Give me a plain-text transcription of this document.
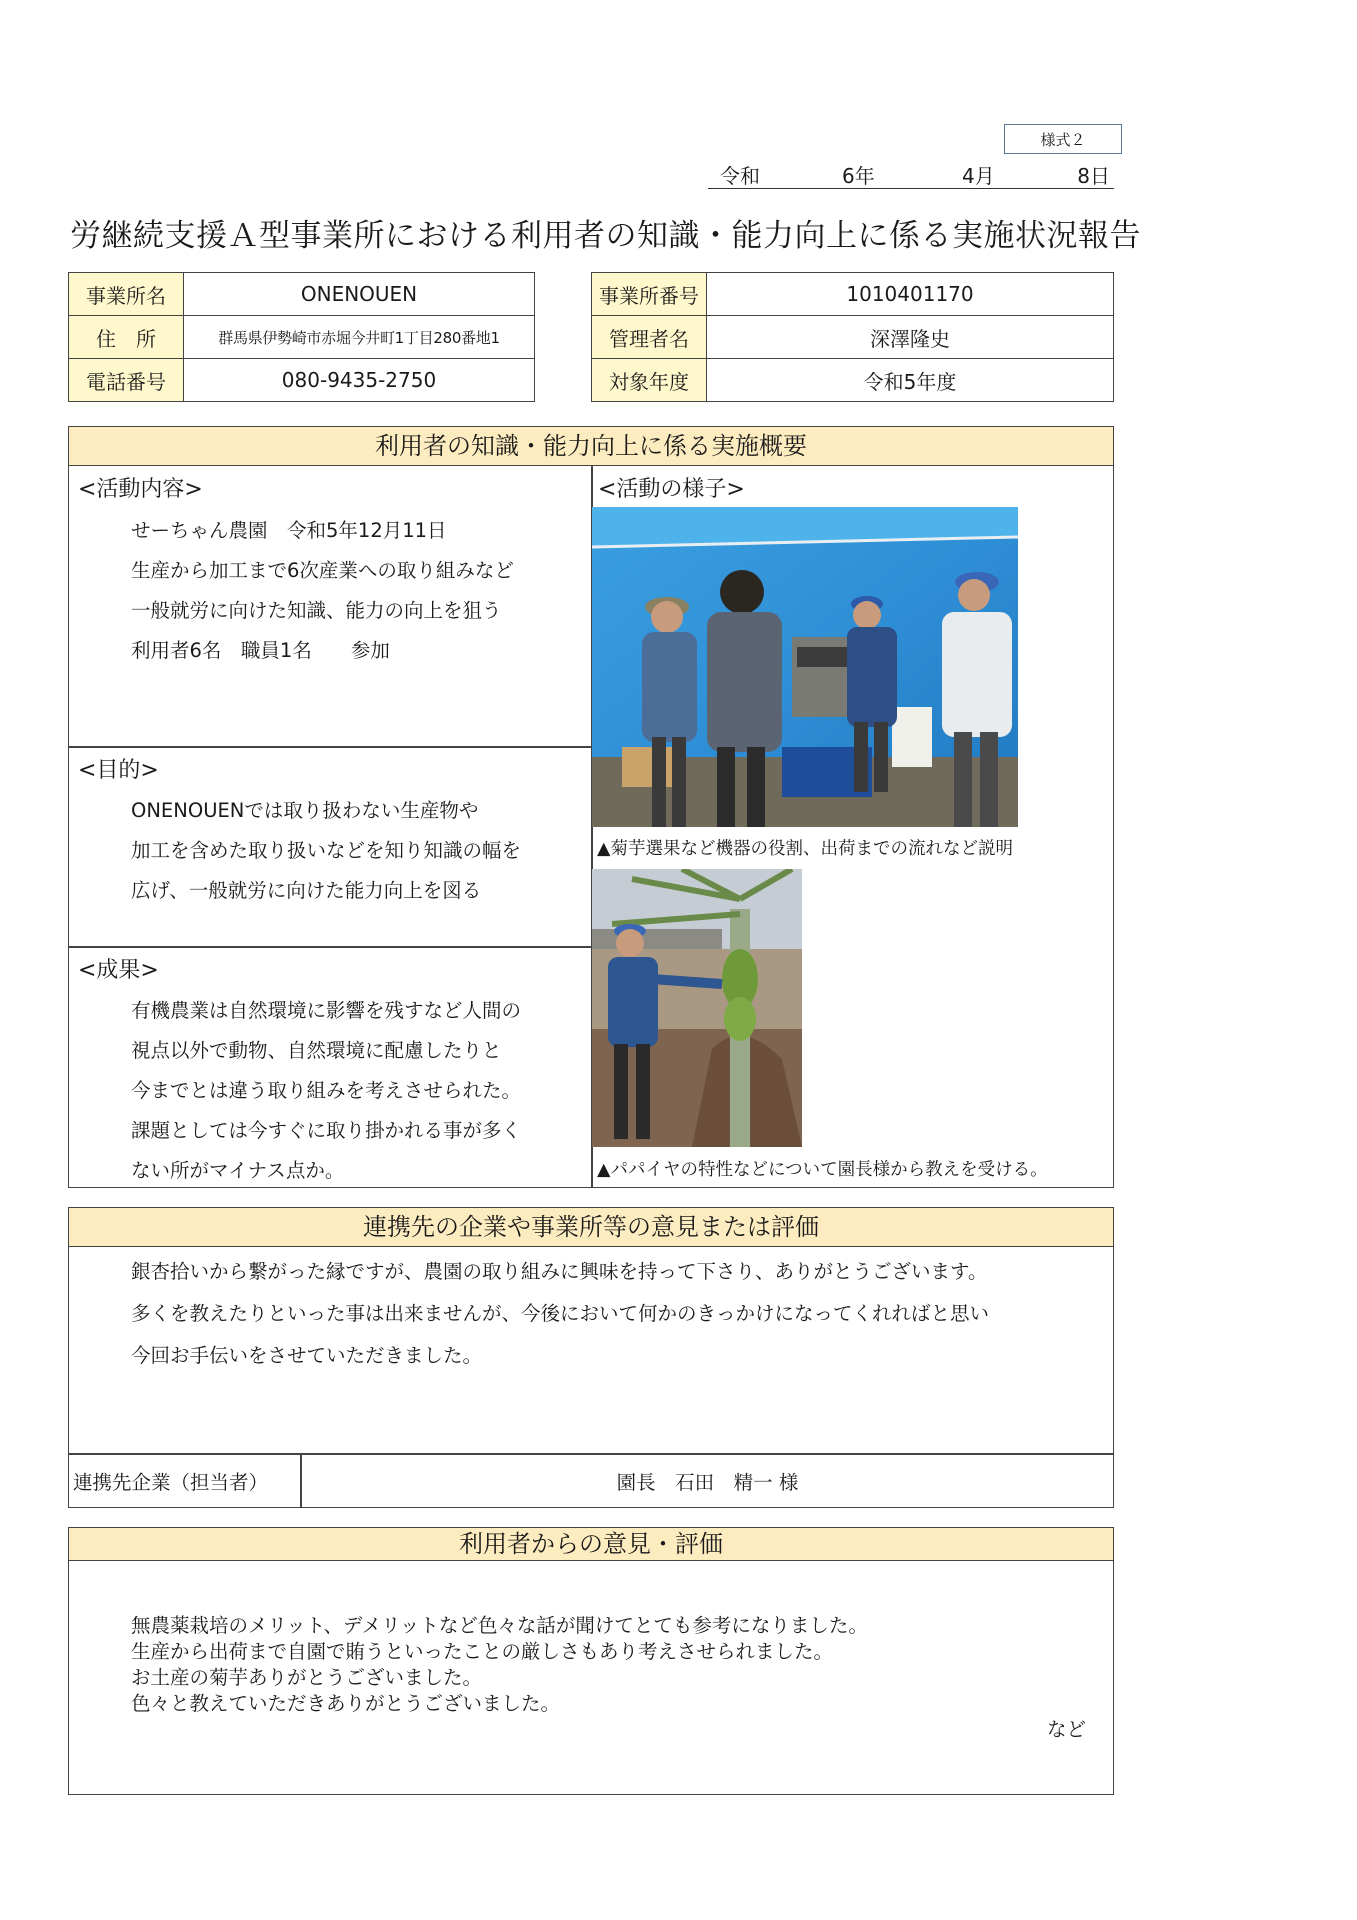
様式２
令和	6年	4月	8日
労継続支援Ａ型事業所における利用者の知識・能力向上に係る実施状況報告
事業所名	ONENOUEN
住　所	群馬県伊勢崎市赤堀今井町1丁目280番地1
電話番号	080-9435-2750
事業所番号	1010401170
管理者名	深澤隆史
対象年度	令和5年度
利用者の知識・能力向上に係る実施概要
<活動内容>
せーちゃん農園　令和5年12月11日
生産から加工まで6次産業への取り組みなど
一般就労に向けた知識、能力の向上を狙う
利用者6名　職員1名　　参加
<目的>
ONENOUENでは取り扱わない生産物や
加工を含めた取り扱いなどを知り知識の幅を
広げ、一般就労に向けた能力向上を図る
<成果>
有機農業は自然環境に影響を残すなど人間の
視点以外で動物、自然環境に配慮したりと
今までとは違う取り組みを考えさせられた。
課題としては今すぐに取り掛かれる事が多く
ない所がマイナス点か。
<活動の様子>
▲菊芋選果など機器の役割、出荷までの流れなど説明
▲パパイヤの特性などについて園長様から教えを受ける。
連携先の企業や事業所等の意見または評価
銀杏拾いから繋がった縁ですが、農園の取り組みに興味を持って下さり、ありがとうございます。
多くを教えたりといった事は出来ませんが、今後において何かのきっかけになってくれればと思い
今回お手伝いをさせていただきました。
連携先企業（担当者）	園長　石田　精一 様
利用者からの意見・評価
無農薬栽培のメリット、デメリットなど色々な話が聞けてとても参考になりました。
生産から出荷まで自園で賄うといったことの厳しさもあり考えさせられました。
お土産の菊芋ありがとうございました。
色々と教えていただきありがとうございました。
など
